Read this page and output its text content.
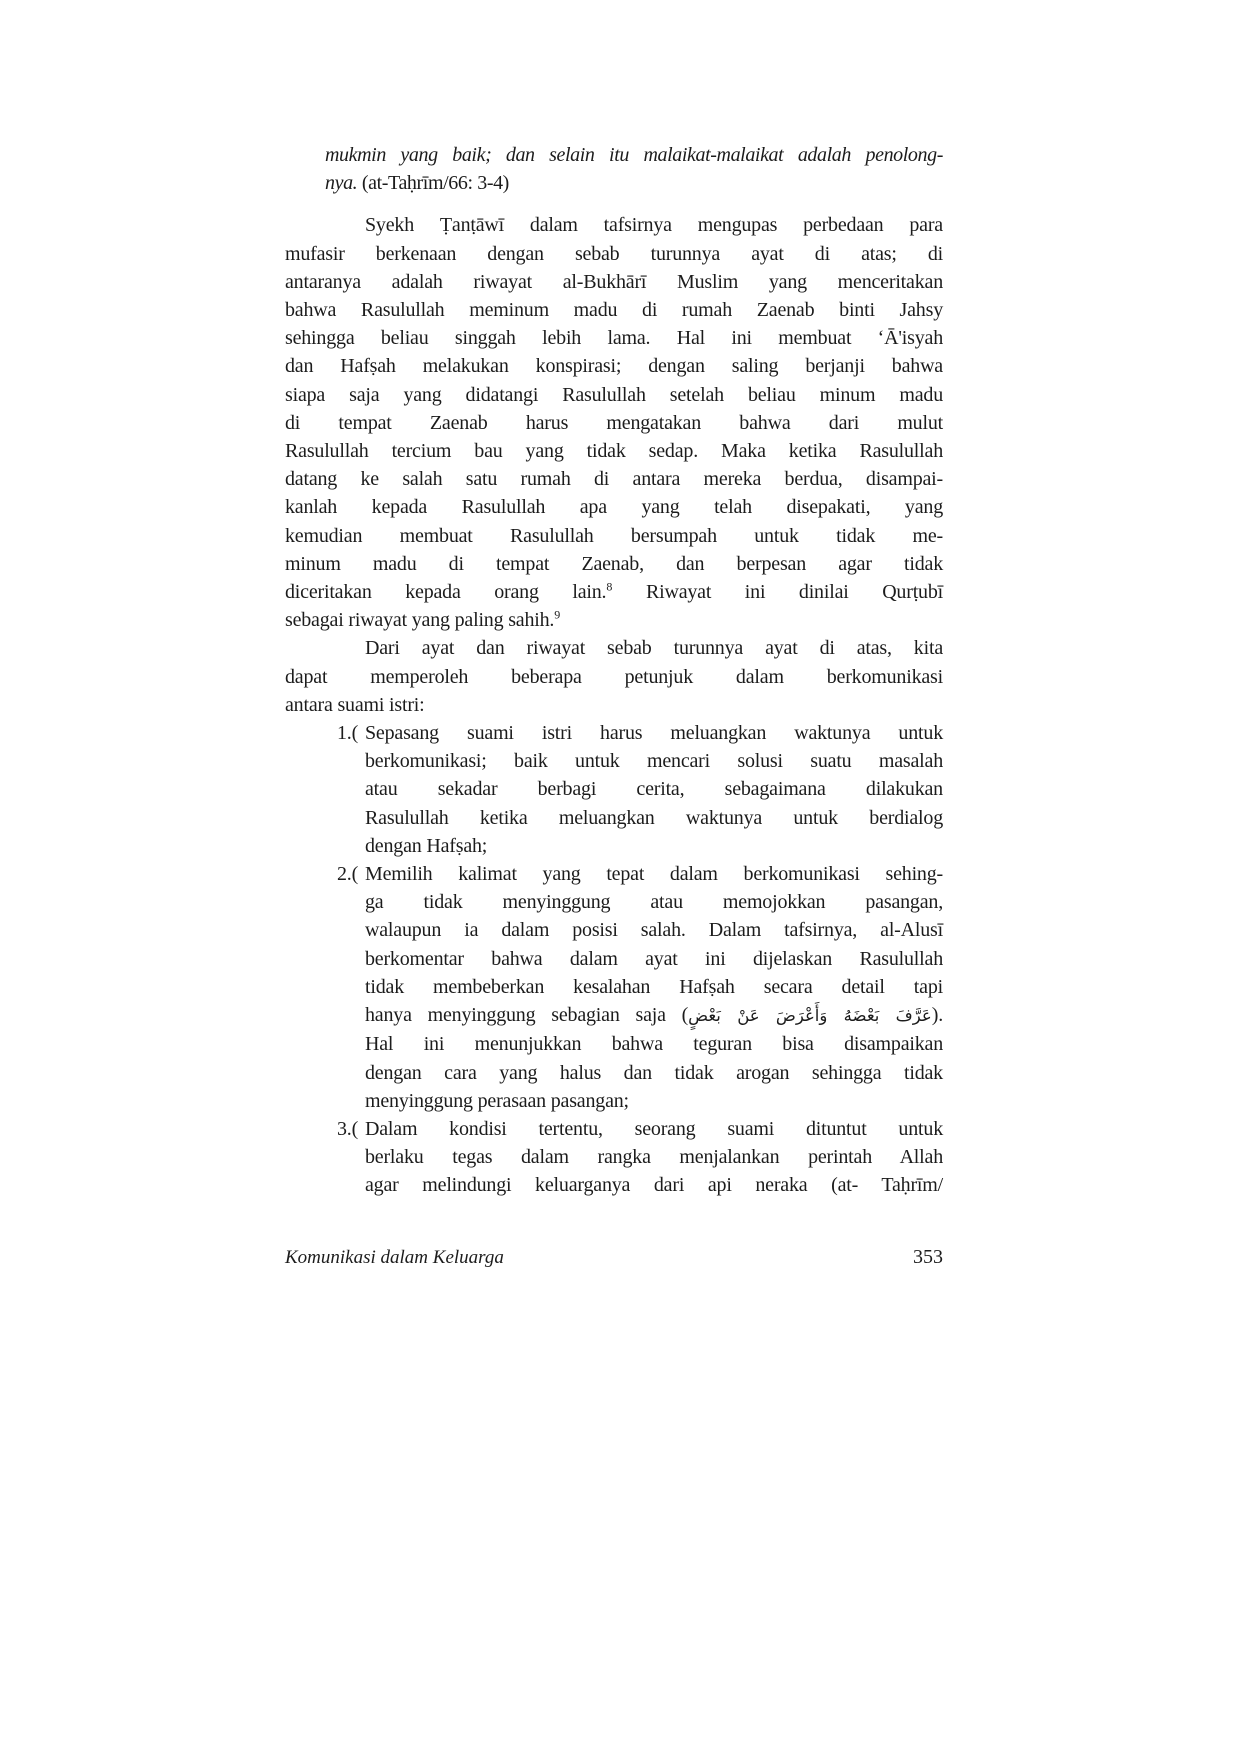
mukmin yang baik; dan selain itu malaikat-malaikat adalah penolong-
nya. (at-Taḥrīm/66: 3-4)
Syekh Ṭanṭāwī dalam tafsirnya mengupas perbedaan para
mufasir berkenaan dengan sebab turunnya ayat di atas; di
antaranya adalah riwayat al-Bukhārī Muslim yang menceritakan
bahwa Rasulullah meminum madu di rumah Zaenab binti Jahsy
sehingga beliau singgah lebih lama. Hal ini membuat ‘Ā'isyah
dan Hafṣah melakukan konspirasi; dengan saling berjanji bahwa
siapa saja yang didatangi Rasulullah setelah beliau minum madu
di tempat Zaenab harus mengatakan bahwa dari mulut
Rasulullah tercium bau yang tidak sedap. Maka ketika Rasulullah
datang ke salah satu rumah di antara mereka berdua, disampai-
kanlah kepada Rasulullah apa yang telah disepakati, yang
kemudian membuat Rasulullah bersumpah untuk tidak me-
minum madu di tempat Zaenab, dan berpesan agar tidak
diceritakan kepada orang lain.$^8$ Riwayat ini dinilai Qurṭubī
sebagai riwayat yang paling sahih.$^9$
Dari ayat dan riwayat sebab turunnya ayat di atas, kita
dapat memperoleh beberapa petunjuk dalam berkomunikasi
antara suami istri:
1.( Sepasang suami istri harus meluangkan waktunya untuk
berkomunikasi; baik untuk mencari solusi suatu masalah
atau sekadar berbagi cerita, sebagaimana dilakukan
Rasulullah ketika meluangkan waktunya untuk berdialog
dengan Hafṣah;
2.( Memilih kalimat yang tepat dalam berkomunikasi sehing-
ga tidak menyinggung atau memojokkan pasangan,
walaupun ia dalam posisi salah. Dalam tafsirnya, al-Alusī
berkomentar bahwa dalam ayat ini dijelaskan Rasulullah
tidak membeberkan kesalahan Hafṣah secara detail tapi
hanya menyinggung sebagian saja (عَرَّفَ بَعْضَهُ وَأَعْرَضَ عَنْ بَعْضٍ).
Hal ini menunjukkan bahwa teguran bisa disampaikan
dengan cara yang halus dan tidak arogan sehingga tidak
menyinggung perasaan pasangan;
3.( Dalam kondisi tertentu, seorang suami dituntut untuk
berlaku tegas dalam rangka menjalankan perintah Allah
agar melindungi keluarganya dari api neraka (at- Taḥrīm/
Komunikasi dalam Keluarga	353
